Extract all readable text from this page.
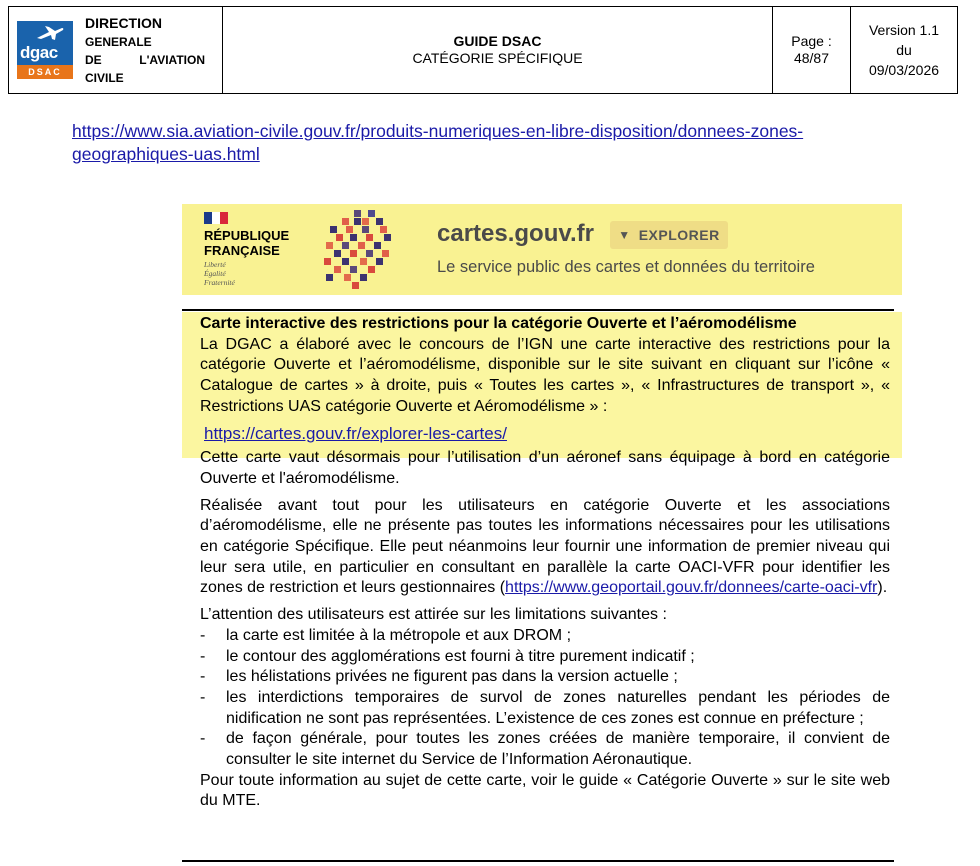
dgac
DSAC
DIRECTION
GENERALE
DE	L'AVIATION
CIVILE
GUIDE DSAC
CATÉGORIE SPÉCIFIQUE
Page :
48/87
Version 1.1
du
09/03/2026
https://www.sia.aviation-civile.gouv.fr/produits-numeriques-en-libre-disposition/donnees-zones-geographiques-uas.html
RÉPUBLIQUE
FRANÇAISE
Liberté
Égalité
Fraternité
cartes.gouv.fr ▼ EXPLORER
Le service public des cartes et données du territoire

Carte interactive des restrictions pour la catégorie Ouverte et l’aéromodélisme

La DGAC a élaboré avec le concours de l’IGN une carte interactive des restrictions pour la catégorie Ouverte et l’aéromodélisme, disponible sur le site suivant en cliquant sur l’icône « Catalogue de cartes » à droite, puis « Toutes les cartes », « Infrastructures de transport », « Restrictions UAS catégorie Ouverte et Aéromodélisme » :

https://cartes.gouv.fr/explorer-les-cartes/

Cette carte vaut désormais pour l’utilisation d’un aéronef sans équipage à bord en catégorie Ouverte et l'aéromodélisme.

Réalisée avant tout pour les utilisateurs en catégorie Ouverte et les associations d’aéromodélisme, elle ne présente pas toutes les informations nécessaires pour les utilisations en catégorie Spécifique. Elle peut néanmoins leur fournir une information de premier niveau qui leur sera utile, en particulier en consultant en parallèle la carte OACI-VFR pour identifier les zones de restriction et leurs gestionnaires (https://www.geoportail.gouv.fr/donnees/carte-oaci-vfr).

L’attention des utilisateurs est attirée sur les limitations suivantes :

- la carte est limitée à la métropole et aux DROM ;
- le contour des agglomérations est fourni à titre purement indicatif ;
- les hélistations privées ne figurent pas dans la version actuelle ;
- les interdictions temporaires de survol de zones naturelles pendant les périodes de nidification ne sont pas représentées. L’existence de ces zones est connue en préfecture ;
- de façon générale, pour toutes les zones créées de manière temporaire, il convient de consulter le site internet du Service de l’Information Aéronautique.

Pour toute information au sujet de cette carte, voir le guide « Catégorie Ouverte » sur le site web du MTE.
